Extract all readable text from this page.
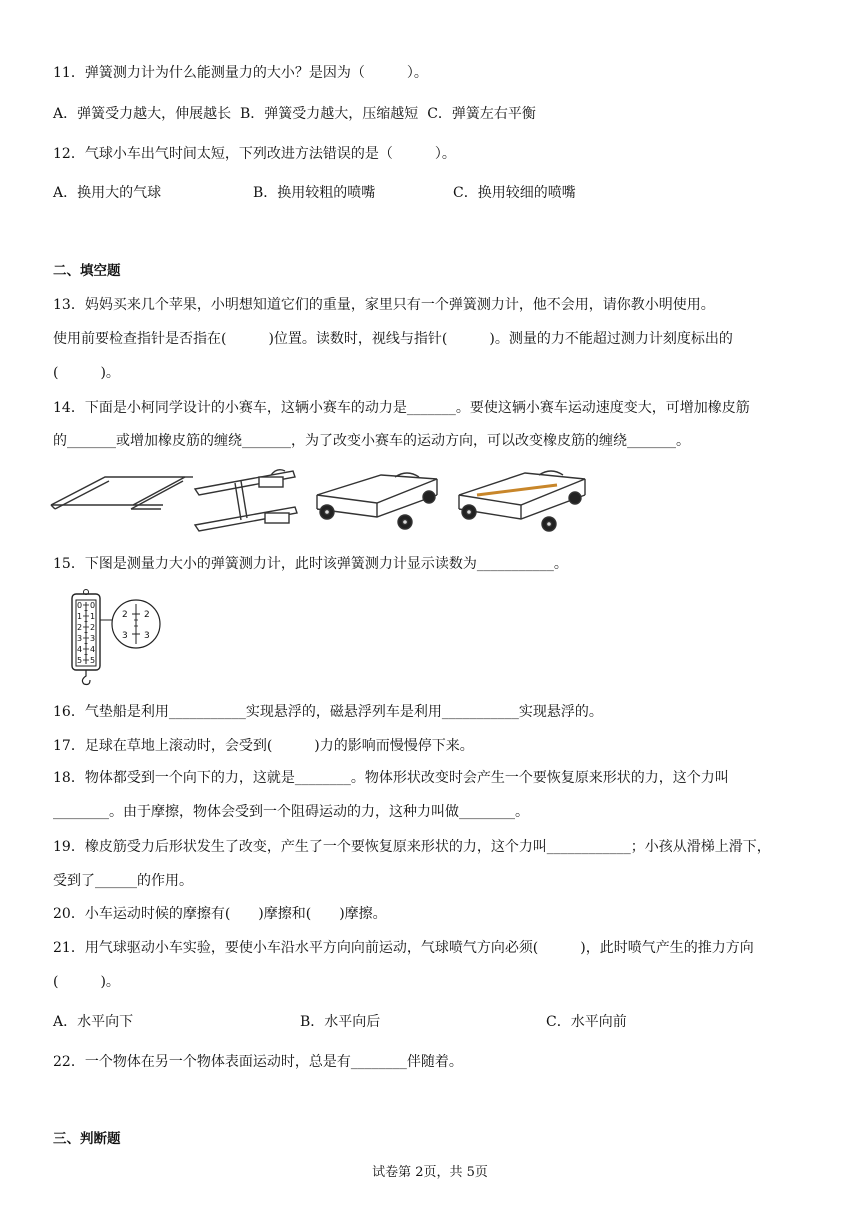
11．弹簧测力计为什么能测量力的大小？是因为（　　　）。
A．弹簧受力越大，伸展越长  B．弹簧受力越大，压缩越短  C．弹簧左右平衡
12．气球小车出气时间太短，下列改进方法错误的是（　　　）。
A．换用大的气球	B．换用较粗的喷嘴	C．换用较细的喷嘴
二、填空题
13．妈妈买来几个苹果，小明想知道它们的重量，家里只有一个弹簧测力计，他不会用，请你教小明使用。
使用前要检查指针是否指在(　　　)位置。读数时，视线与指针(　　　)。测量的力不能超过测力计刻度标出的
(　　　)。
14．下面是小柯同学设计的小赛车，这辆小赛车的动力是_______。要使这辆小赛车运动速度变大，可增加橡皮筋
的_______或增加橡皮筋的缠绕_______，为了改变小赛车的运动方向，可以改变橡皮筋的缠绕_______。
15．下图是测量力大小的弹簧测力计，此时该弹簧测力计显示读数为___________。
0
1
2
3
4
5
0
1
2
3
4
5
2 2
3 3
16．气垫船是利用___________实现悬浮的，磁悬浮列车是利用___________实现悬浮的。
17．足球在草地上滚动时，会受到(　　　)力的影响而慢慢停下来。
18．物体都受到一个向下的力，这就是________。物体形状改变时会产生一个要恢复原来形状的力，这个力叫
________。由于摩擦，物体会受到一个阻碍运动的力，这种力叫做________。
19．橡皮筋受力后形状发生了改变，产生了一个要恢复原来形状的力，这个力叫____________；小孩从滑梯上滑下，
受到了______的作用。
20．小车运动时候的摩擦有(　　)摩擦和(　　)摩擦。
21．用气球驱动小车实验，要使小车沿水平方向向前运动，气球喷气方向必须(　　　)，此时喷气产生的推力方向
(　　　)。
A．水平向下	B．水平向后	C．水平向前
22．一个物体在另一个物体表面运动时，总是有________伴随着。
三、判断题
试卷第 2页，共 5页
